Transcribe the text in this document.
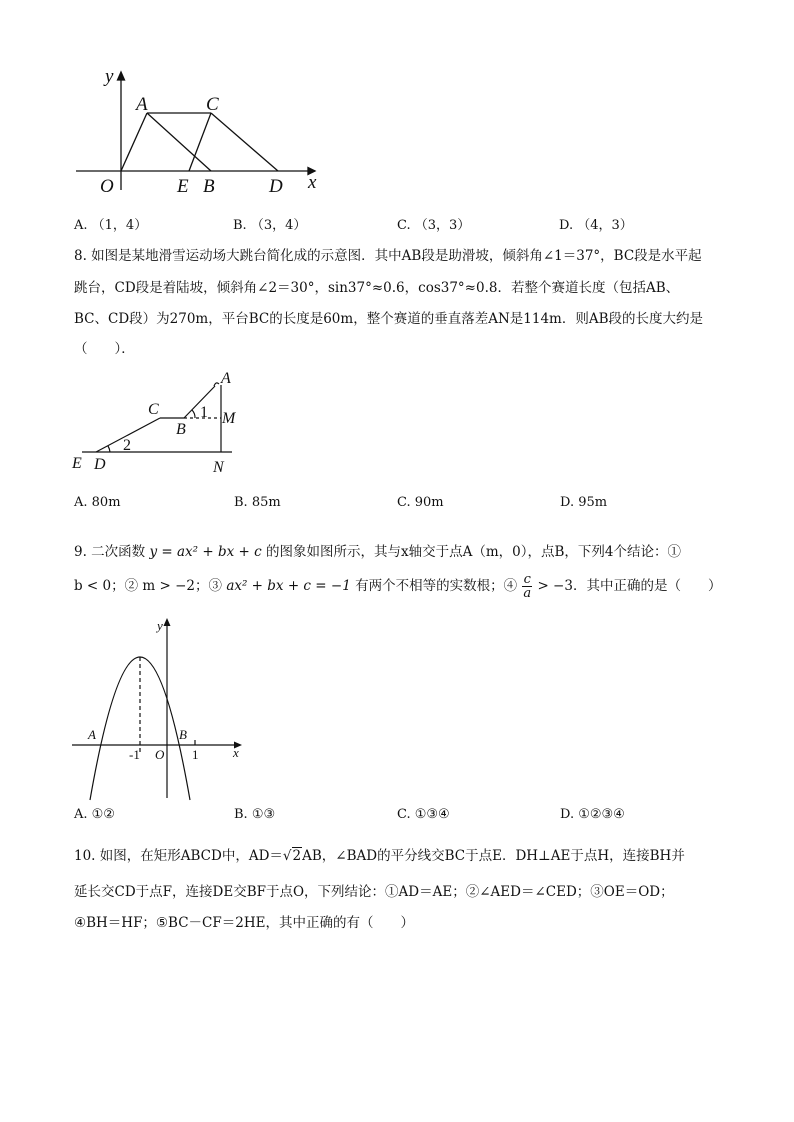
y
A	C
O	E B	D x
A. （1，4）	B. （3，4）	C. （3，3）	D. （4，3）
8. 如图是某地滑雪运动场大跳台简化成的示意图．其中AB段是助滑坡，倾斜角∠1＝37°，BC段是水平起
跳台，CD段是着陆坡，倾斜角∠2＝30°，sin37°≈0.6，cos37°≈0.8．若整个赛道长度（包括AB、
BC、CD段）为270m，平台BC的长度是60m，整个赛道的垂直落差AN是114m．则AB段的长度大约是
（　　）．
A
C	1 M
B
2
E D	N
A. 80m	B. 85m	C. 90m	D. 95m
9. 二次函数 y = ax² + bx + c 的图象如图所示，其与x轴交于点A（m，0），点B，下列4个结论：①
b < 0；② m > −2；③ ax² + bx + c = −1 有两个不相等的实数根；④ $\frac{c}{a} > -3$．其中正确的是（　　）
y
A	B
-1 O 1	x
A. ①②	B. ①③	C. ①③④	D. ①②③④
10. 如图，在矩形ABCD中，AD＝√2AB，∠BAD的平分线交BC于点E．DH⊥AE于点H，连接BH并
延长交CD于点F，连接DE交BF于点O，下列结论：①AD＝AE；②∠AED＝∠CED；③OE＝OD；
④BH＝HF；⑤BC－CF＝2HE，其中正确的有（　　）
